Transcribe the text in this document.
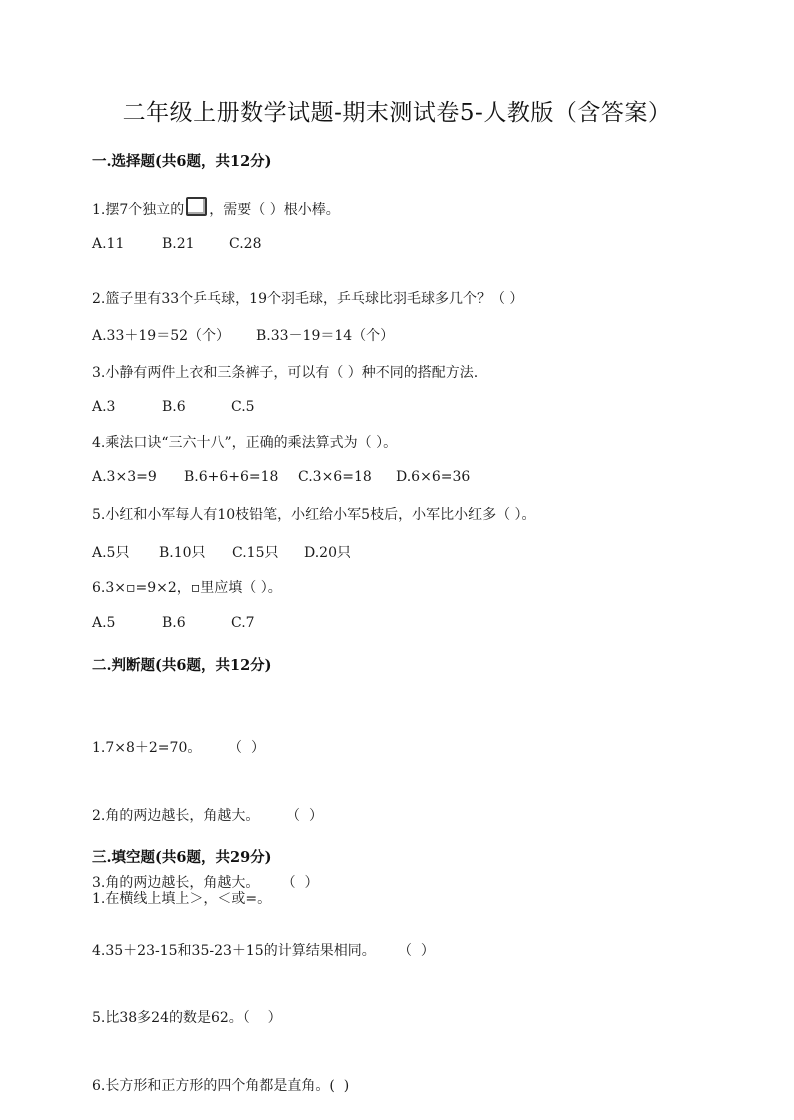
二年级上册数学试题-期末测试卷5-人教版（含答案）
一.选择题(共6题，共12分)
1.摆7个独立的 ，需要（ ）根小棒。
A.11	B.21 C.28
2.篮子里有33个乒乓球，19个羽毛球，乒乓球比羽毛球多几个？（ ）
A.33＋19＝52（个） B.33－19＝14（个）
3.小静有两件上衣和三条裤子，可以有（ ）种不同的搭配方法.
A.3	B.6	C.5
4.乘法口诀“三六十八”，正确的乘法算式为（ ）。
A.3×3=9 B.6+6+6=18 C.3×6=18 D.6×6=36
5.小红和小军每人有10枝铅笔，小红给小军5枝后，小军比小红多（ ）。
A.5只 B.10只 C.15只 D.20只
6.3×▫=9×2，▫里应填（ ）。
A.5	B.6	C.7
二.判断题(共6题，共12分)

1.7×8＋2=70。      （  ）

2.角的两边越长，角越大。      （  ）

3.角的两边越长，角越大。     （  ）

4.35＋23-15和35-23＋15的计算结果相同。     （  ）

5.比38多24的数是62。（    ）

6.长方形和正方形的四个角都是直角。(  )

三.填空题(共6题，共29分)
1.在横线上填上＞，＜或=。
